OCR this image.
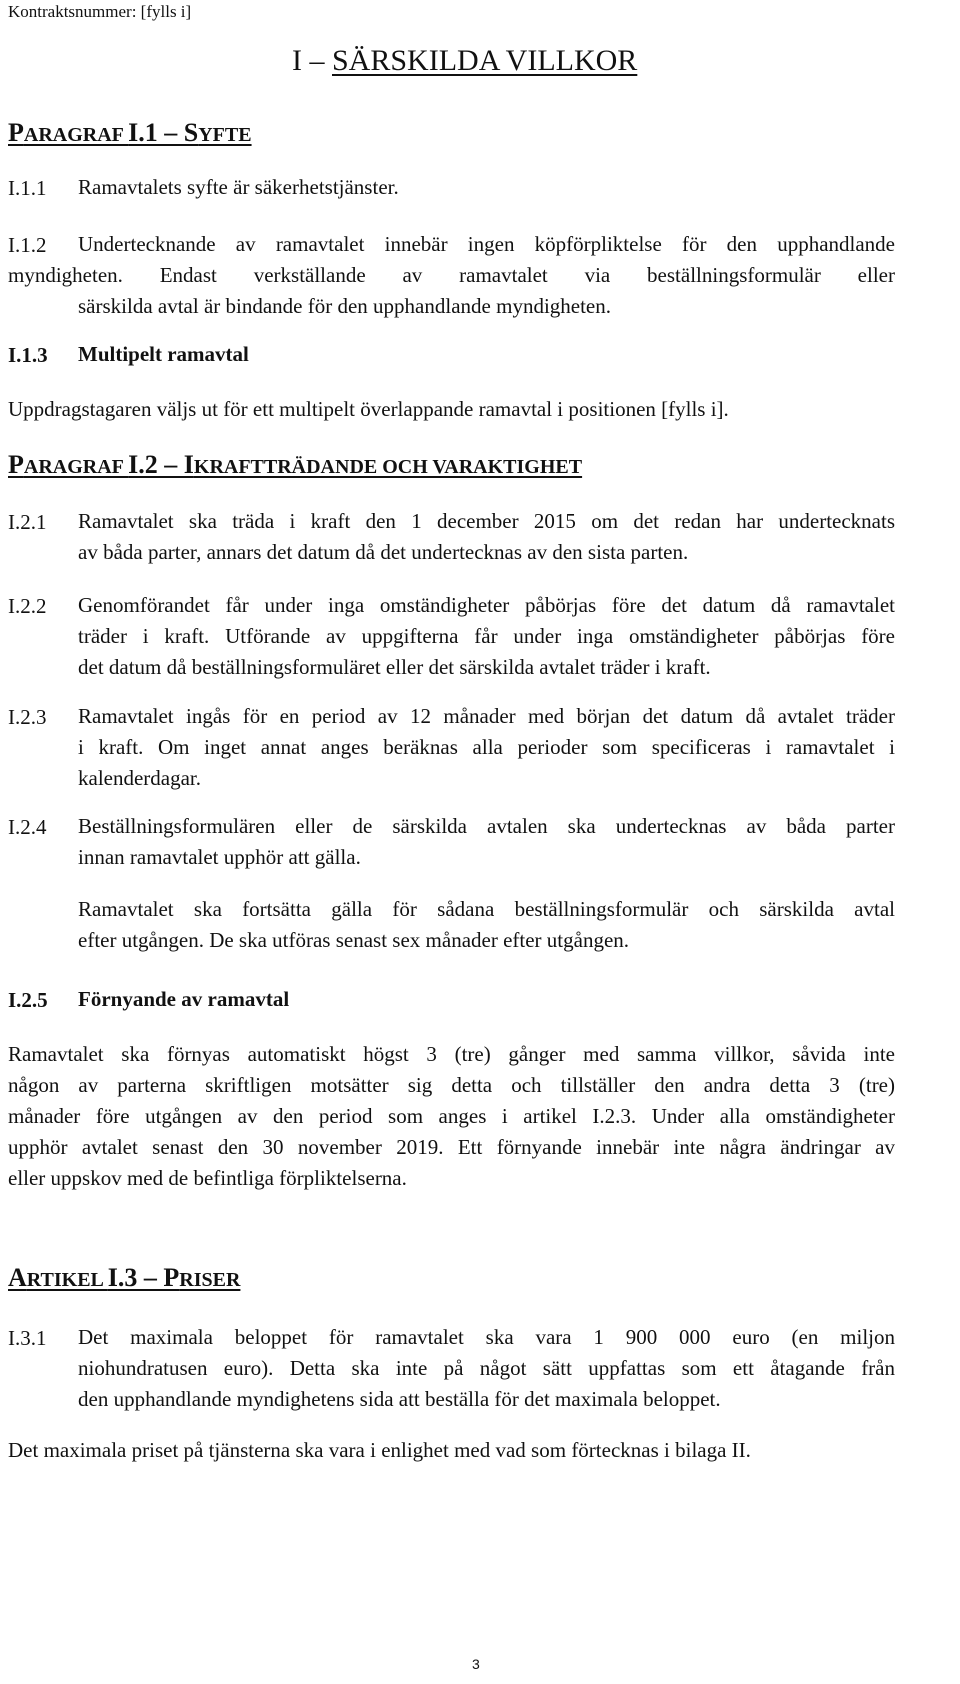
Kontraktsnummer: [fylls i]
I – SÄRSKILDA VILLKOR
PARAGRAF I.1 – SYFTE
I.1.1 Ramavtalets syfte är säkerhetstjänster.
I.1.2 Undertecknande av ramavtalet innebär ingen köpförpliktelse för den upphandlande
myndigheten. Endast verkställande av ramavtalet via beställningsformulär eller
särskilda avtal är bindande för den upphandlande myndigheten.
I.1.3 Multipelt ramavtal
Uppdragstagaren väljs ut för ett multipelt överlappande ramavtal i positionen [fylls i].
PARAGRAF I.2 – IKRAFTTRÄDANDE OCH VARAKTIGHET
I.2.1 Ramavtalet ska träda i kraft den 1 december 2015 om det redan har undertecknats
av båda parter, annars det datum då det undertecknas av den sista parten.
I.2.2 Genomförandet får under inga omständigheter påbörjas före det datum då ramavtalet
träder i kraft. Utförande av uppgifterna får under inga omständigheter påbörjas före
det datum då beställningsformuläret eller det särskilda avtalet träder i kraft.
I.2.3 Ramavtalet ingås för en period av 12 månader med början det datum då avtalet träder
i kraft. Om inget annat anges beräknas alla perioder som specificeras i ramavtalet i
kalenderdagar.
I.2.4 Beställningsformulären eller de särskilda avtalen ska undertecknas av båda parter
innan ramavtalet upphör att gälla.
Ramavtalet ska fortsätta gälla för sådana beställningsformulär och särskilda avtal
efter utgången. De ska utföras senast sex månader efter utgången.
I.2.5 Förnyande av ramavtal
Ramavtalet ska förnyas automatiskt högst 3 (tre) gånger med samma villkor, såvida inte
någon av parterna skriftligen motsätter sig detta och tillställer den andra detta 3 (tre)
månader före utgången av den period som anges i artikel I.2.3. Under alla omständigheter
upphör avtalet senast den 30 november 2019. Ett förnyande innebär inte några ändringar av
eller uppskov med de befintliga förpliktelserna.
ARTIKEL I.3 – PRISER
I.3.1 Det maximala beloppet för ramavtalet ska vara 1 900 000 euro (en miljon
niohundratusen euro). Detta ska inte på något sätt uppfattas som ett åtagande från
den upphandlande myndighetens sida att beställa för det maximala beloppet.
Det maximala priset på tjänsterna ska vara i enlighet med vad som förtecknas i bilaga II.
3
